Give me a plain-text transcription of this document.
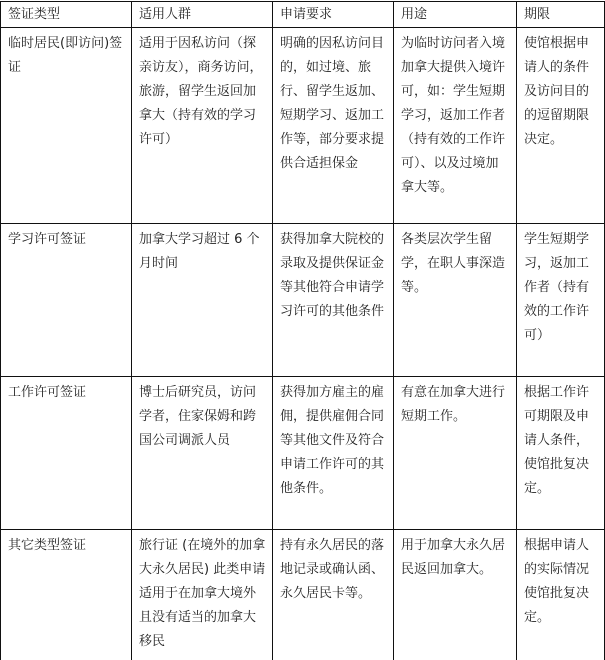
签证类型	适用人群	申请要求	用途	期限
临时居民(即访问)签证	适用于因私访问（探亲访友），商务访问，旅游，留学生返回加拿大（持有效的学习许可）	明确的因私访问目的，如过境、旅行、留学生返加、短期学习、返加工作等，部分要求提供合适担保金	为临时访问者入境加拿大提供入境许可，如：学生短期学习，返加工作者（持有效的工作许可）、以及过境加拿大等。	使馆根据申请人的条件及访问目的的逗留期限决定。
学习许可签证	加拿大学习超过 6 个月时间	获得加拿大院校的录取及提供保证金等其他符合申请学习许可的其他条件	各类层次学生留学，在职人事深造等。	学生短期学习，返加工作者（持有效的工作许可）
工作许可签证	博士后研究员，访问学者，住家保姆和跨国公司调派人员	获得加方雇主的雇佣，提供雇佣合同等其他文件及符合申请工作许可的其他条件。	有意在加拿大进行短期工作。	根据工作许可期限及申请人条件，使馆批复决定。
其它类型签证	旅行证 (在境外的加拿大永久居民) 此类申请适用于在加拿大境外且没有适当的加拿大移民	持有永久居民的落地记录或确认函、永久居民卡等。	用于加拿大永久居民返回加拿大。	根据申请人的实际情况使馆批复决定。
